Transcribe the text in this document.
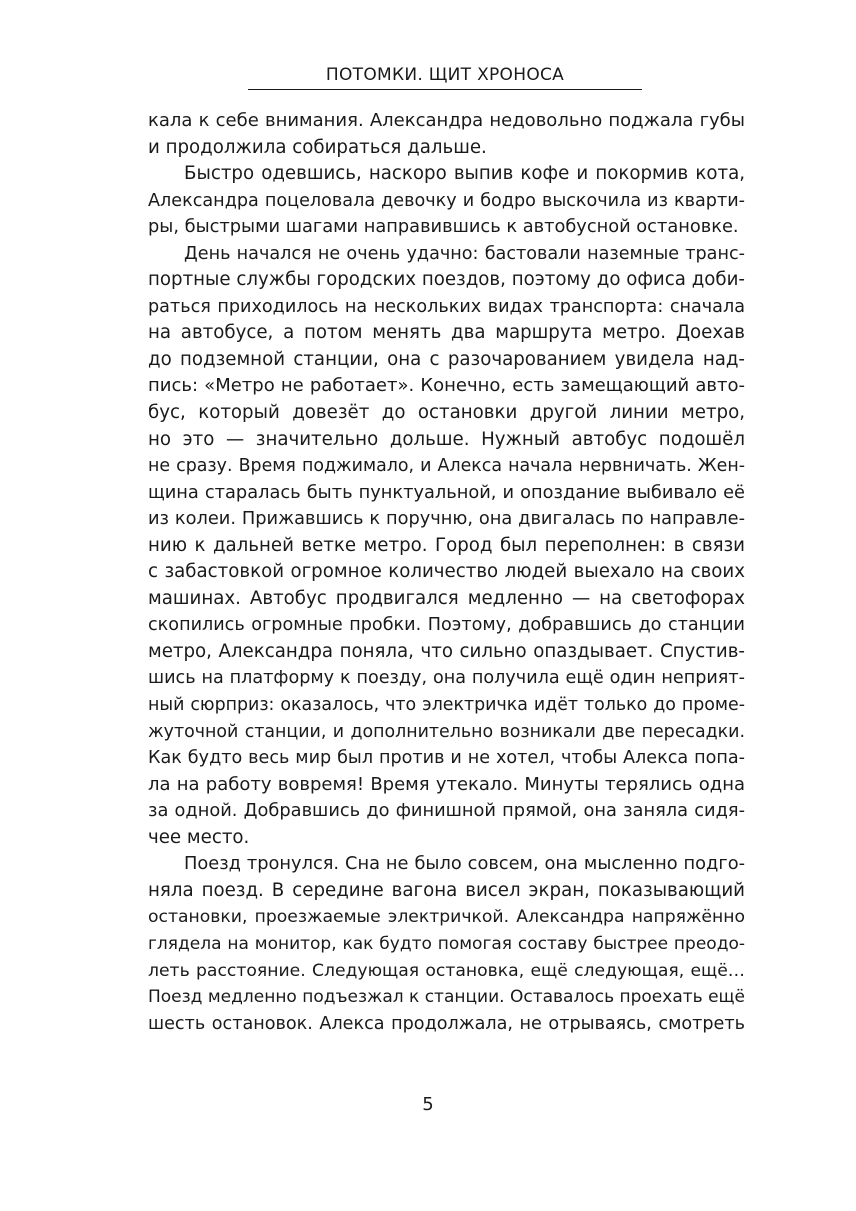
ПОТОМКИ. ЩИТ ХРОНОСА
кала к себе внимания. Александра недовольно поджала губы
и продолжила собираться дальше.
Быстро одевшись, наскоро выпив кофе и покормив кота,
Александра поцеловала девочку и бодро выскочила из кварти-
ры, быстрыми шагами направившись к автобусной остановке.
День начался не очень удачно: бастовали наземные транс-
портные службы городских поездов, поэтому до офиса доби-
раться приходилось на нескольких видах транспорта: сначала
на автобусе, а потом менять два маршрута метро. Доехав
до подземной станции, она с разочарованием увидела над-
пись: «Метро не работает». Конечно, есть замещающий авто-
бус, который довезёт до остановки другой линии метро,
но это — значительно дольше. Нужный автобус подошёл
не сразу. Время поджимало, и Алекса начала нервничать. Жен-
щина старалась быть пунктуальной, и опоздание выбивало её
из колеи. Прижавшись к поручню, она двигалась по направле-
нию к дальней ветке метро. Город был переполнен: в связи
с забастовкой огромное количество людей выехало на своих
машинах. Автобус продвигался медленно — на светофорах
скопились огромные пробки. Поэтому, добравшись до станции
метро, Александра поняла, что сильно опаздывает. Спустив-
шись на платформу к поезду, она получила ещё один неприят-
ный сюрприз: оказалось, что электричка идёт только до проме-
жуточной станции, и дополнительно возникали две пересадки.
Как будто весь мир был против и не хотел, чтобы Алекса попа-
ла на работу вовремя! Время утекало. Минуты терялись одна
за одной. Добравшись до финишной прямой, она заняла сидя-
чее место.
Поезд тронулся. Сна не было совсем, она мысленно подго-
няла поезд. В середине вагона висел экран, показывающий
остановки, проезжаемые электричкой. Александра напряжённо
глядела на монитор, как будто помогая составу быстрее преодо-
леть расстояние. Следующая остановка, ещё следующая, ещё…
Поезд медленно подъезжал к станции. Оставалось проехать ещё
шесть остановок. Алекса продолжала, не отрываясь, смотреть
5
